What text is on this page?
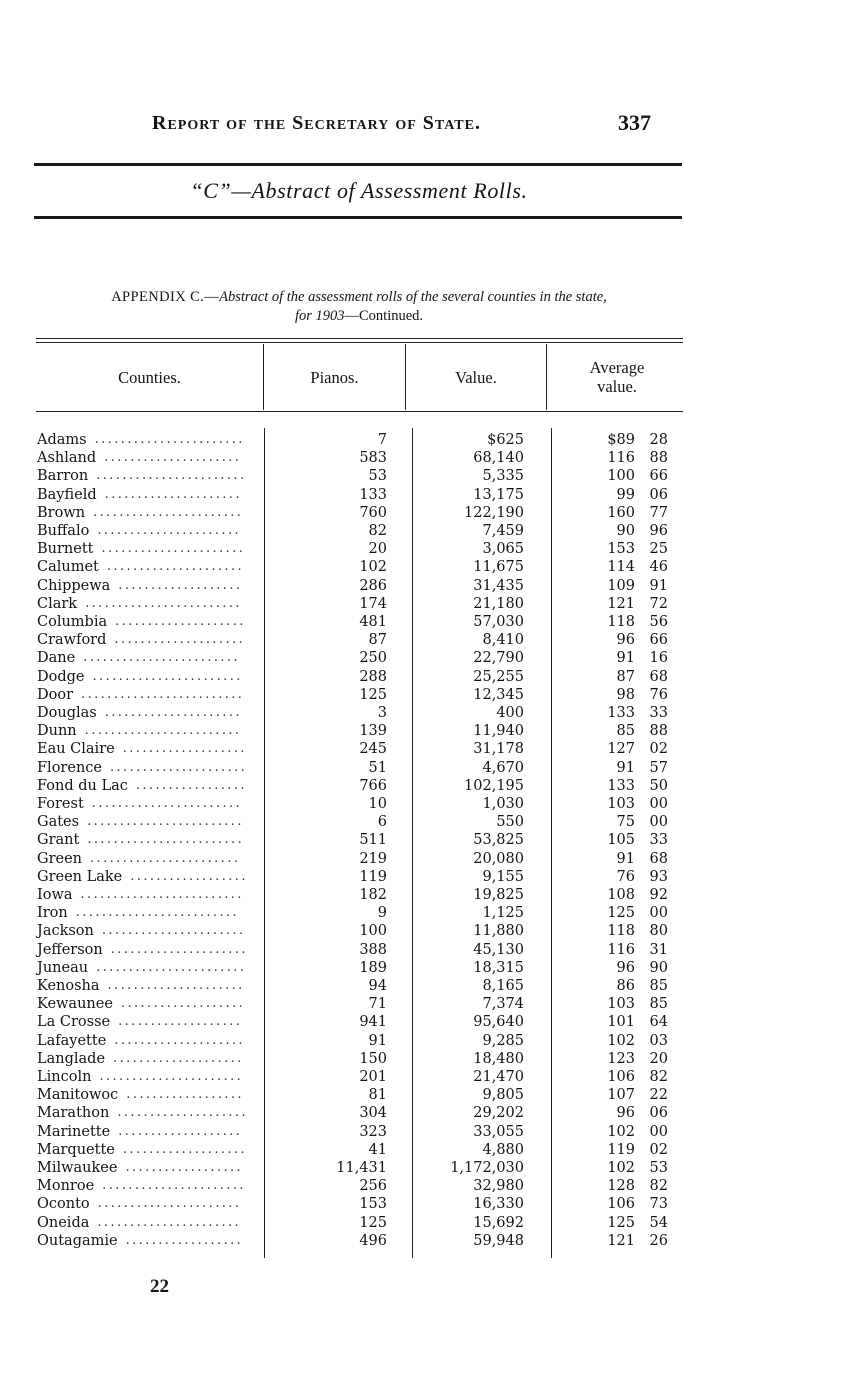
Report of the Secretary of State.	337
“C”—Abstract of Assessment Rolls.
APPENDIX C.—Abstract of the assessment rolls of the several counties in the state,
for 1903—Continued.
Counties.	Pianos.	Value.
Average
value.
Adams	7	$625	$89	28
.......................
Ashland	583	68,140	116	88
.....................
Barron	53	5,335	100	66
.......................
Bayfield	133	13,175	99	06
.....................
Brown	760	122,190	160	77
.......................
Buffalo	82	7,459	90	96
......................
Burnett	20	3,065	153	25
......................
Calumet	102	11,675	114	46
.....................
Chippewa	286	31,435	109	91
...................
Clark	174	21,180	121	72
........................
Columbia	481	57,030	118	56
....................
Crawford	87	8,410	96	66
....................
Dane	250	22,790	91	16
........................
Dodge	288	25,255	87	68
.......................
Door	125	12,345	98	76
.........................
Douglas	3	400	133	33
.....................
Dunn	139	11,940	85	88
........................
Eau Claire	245	31,178	127	02
...................
Florence	51	4,670	91	57
.....................
Fond du Lac	766	102,195	133	50
.................
Forest	10	1,030	103	00
.......................
Gates	6	550	75	00
........................
Grant	511	53,825	105	33
........................
Green	219	20,080	91	68
.......................
Green Lake	119	9,155	76	93
..................
Iowa	182	19,825	108	92
.........................
Iron	9	1,125	125	00
.........................
Jackson	100	11,880	118	80
......................
Jefferson	388	45,130	116	31
.....................
Juneau	189	18,315	96	90
.......................
Kenosha	94	8,165	86	85
.....................
Kewaunee	71	7,374	103	85
...................
La Crosse	941	95,640	101	64
...................
Lafayette	91	9,285	102	03
....................
Langlade	150	18,480	123	20
....................
Lincoln	201	21,470	106	82
......................
Manitowoc	81	9,805	107	22
..................
Marathon	304	29,202	96	06
....................
Marinette	323	33,055	102	00
...................
Marquette	41	4,880	119	02
...................
Milwaukee	11,431	1,172,030	102	53
..................
Monroe	256	32,980	128	82
......................
Oconto	153	16,330	106	73
......................
Oneida	125	15,692	125	54
......................
Outagamie	496	59,948	121	26
..................
22
